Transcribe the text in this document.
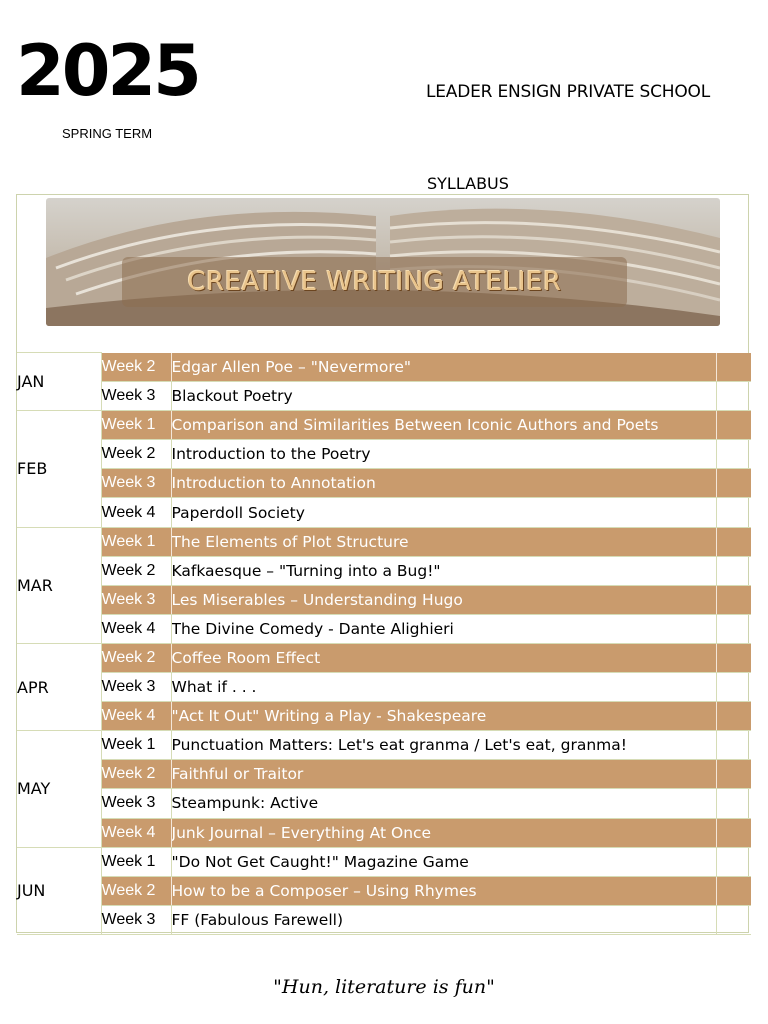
2025
SPRING TERM
LEADER ENSIGN PRIVATE SCHOOL
SYLLABUS
CREATIVE WRITING ATELIER
JAN	Week 2	Edgar Allen Poe – "Nevermore"	
	Week 3	Blackout Poetry	
FEB	Week 1	Comparison and Similarities Between Iconic Authors and Poets	
	Week 2	Introduction to the Poetry	
	Week 3	Introduction to Annotation	
	Week 4	Paperdoll Society	
MAR	Week 1	The Elements of Plot Structure	
	Week 2	Kafkaesque – "Turning into a Bug!"	
	Week 3	Les Miserables – Understanding Hugo	
	Week 4	The Divine Comedy - Dante Alighieri	
APR	Week 2	Coffee Room Effect	
	Week 3	What if . . .	
	Week 4	"Act It Out" Writing a Play - Shakespeare	
MAY	Week 1	Punctuation Matters: Let's eat granma / Let's eat, granma!	
	Week 2	Faithful or Traitor	
	Week 3	Steampunk: Active	
	Week 4	Junk Journal – Everything At Once	
JUN	Week 1	"Do Not Get Caught!" Magazine Game	
	Week 2	How to be a Composer – Using Rhymes	
	Week 3	FF (Fabulous Farewell)	
"Hun, literature is fun"
